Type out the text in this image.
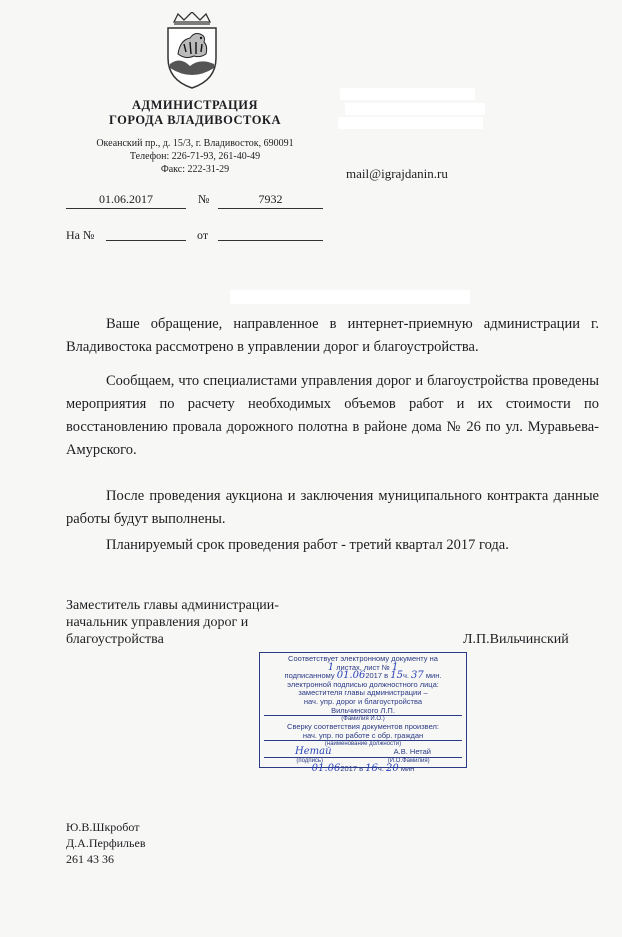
АДМИНИСТРАЦИЯ
ГОРОДА ВЛАДИВОСТОКА
Океанский пр., д. 15/3, г. Владивосток, 690091
Телефон: 226-71-93, 261-40-49
Факс: 222-31-29	mail@igrajdanin.ru
01.06.2017	№	7932
На №	от

Ваше обращение, направленное в интернет-приемную администрации г. Владивостока рассмотрено в управлении дорог и благоустройства.

Сообщаем, что специалистами управления дорог и благоустройства проведены мероприятия по расчету необходимых объемов работ и их стоимости по восстановлению провала дорожного полотна в районе дома № 26 по ул. Муравьева-Амурского.

После проведения аукциона и заключения муниципального контракта данные работы будут выполнены.

Планируемый срок проведения работ - третий квартал 2017 года.

Заместитель главы администрации-
начальник управления дорог и
благоустройства	Л.П.Вильчинский
Соответствует электронному документу на
1 листах, лист № 1
подписанному 01.062017 в 15ч. 37 мин.
электронной подписью должностного лица:
заместителя главы администрации –
нач. упр. дорог и благоустройства
Вильчинского Л.П.
(Фамилия И.О.)
Сверку соответствия документов произвел:
нач. упр. по работе с обр. граждан
(наименование должности)
Нетай	А.В. Нетай
(подпись)	(И.О.Фамилия)
01.062017 в 16ч. 20 мин
Ю.В.Шкробот
Д.А.Перфильев
261 43 36
